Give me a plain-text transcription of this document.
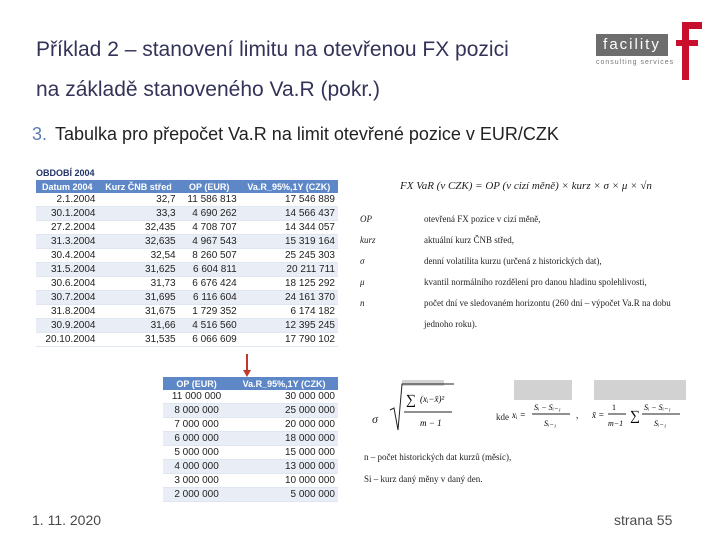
Příklad 2 – stanovení limitu na otevřenou FX pozici
na základě stanoveného Va.R (pokr.)
facility
consulting services
3. Tabulka pro přepočet Va.R na limit otevřené pozice v EUR/CZK
OBDOBÍ 2004
Datum 2004	Kurz ČNB střed	OP (EUR)	Va.R_95%,1Y (CZK)
2.1.2004	32,7	11 586 813	17 546 889
30.1.2004	33,3	4 690 262	14 566 437
27.2.2004	32,435	4 708 707	14 344 057
31.3.2004	32,635	4 967 543	15 319 164
30.4.2004	32,54	8 260 507	25 245 303
31.5.2004	31,625	6 604 811	20 211 711
30.6.2004	31,73	6 676 424	18 125 292
30.7.2004	31,695	6 116 604	24 161 370
31.8.2004	31,675	1 729 352	6 174 182
30.9.2004	31,66	4 516 560	12 395 245
20.10.2004	31,535	6 066 609	17 790 102
OP (EUR)	Va.R_95%,1Y (CZK)
11 000 000	30 000 000
8 000 000	25 000 000
7 000 000	20 000 000
6 000 000	18 000 000
5 000 000	15 000 000
4 000 000	13 000 000
3 000 000	10 000 000
2 000 000	5 000 000
FX VaR (v CZK) = OP (v cizí měně) × kurz × σ × μ × √n
OP	otevřená FX pozice v cizí měně,
kurz	aktuální kurz ČNB střed,
σ	denní volatilita kurzu (určená z historických dat),
μ	kvantil normálního rozdělení pro danou hladinu spolehlivosti,
n	počet dní ve sledovaném horizontu (260 dní – výpočet Va.R na dobu
jednoho roku).
σ
∑ (xᵢ−x̄)²
m − 1
kde xᵢ =
Sᵢ − Sᵢ₋₁
Sᵢ₋₁
, x̄ =
1
m−1 ∑
Sᵢ − Sᵢ₋₁
Sᵢ₋₁
n – počet historických dat kurzů (měsíc),
Si – kurz daný měny v daný den.
1. 11. 2020	strana 55
